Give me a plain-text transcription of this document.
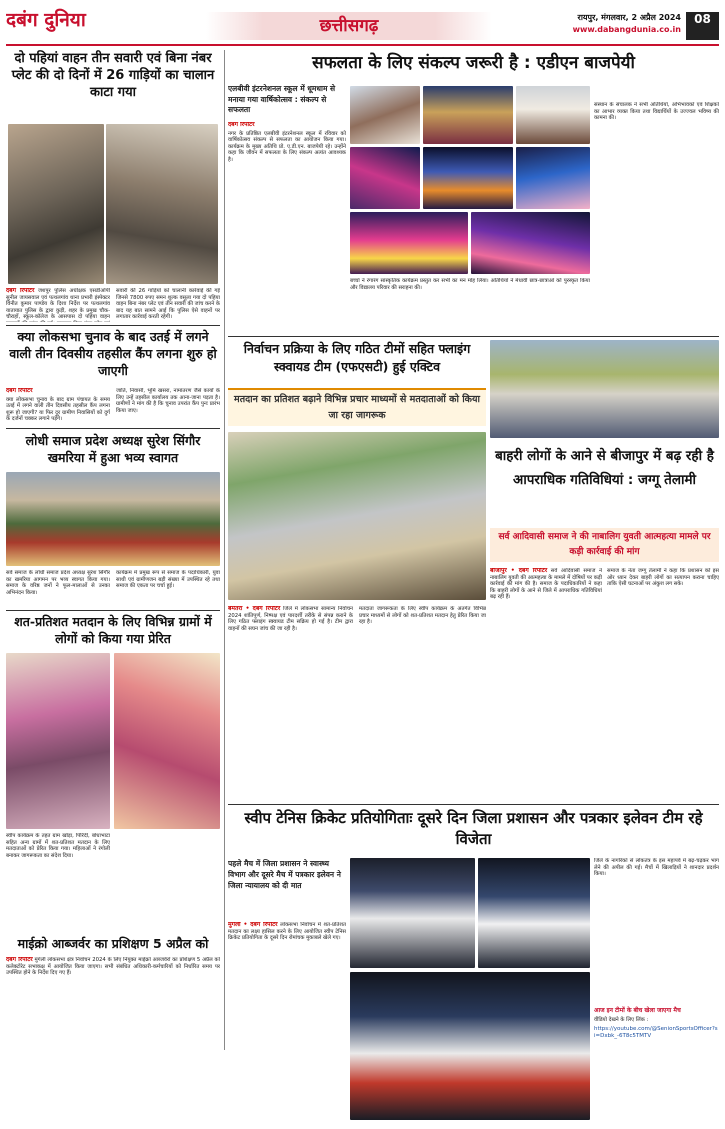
दबंग दुनिया	छत्तीसगढ़	रायपुर, मंगलवार, 2 अप्रैल 2024
www.dabangdunia.co.in
08
दो पहियां वाहन तीन सवारी एवं बिना नंबर प्लेट की दो दिनों में 26 गाड़ियों का चालान काटा गया
दबंग रिपोर्टर जशपुर पुलिस अधीक्षक एसडीओपी सुनील जायसवाल एवं पत्थलगांव थाना प्रभारी इंस्पेक्टर विनीत कुमार पाण्डेय के दिशा निर्देश पर पत्थलगांव यातायात पुलिस के द्वारा कुड़ी, शहर के प्रमुख चौक-चौराहों, स्कूल-कॉलेज के आसपास दो पहिया वाहन
सवारी की 26 गाड़ियों को चालानी कार्रवाई की गई जिनसे 7800 रुपए समन शुल्क वसूला गया दो पहिया वाहन बिना नंबर प्लेट एवं तीन सवारी की जांच करने के बाद यह बात सामने आई कि पुलिस ऐसे वाहनों पर लगातार कार्रवाई करती रहेगी।
क्या लोकसभा चुनाव के बाद उतई में लगने वाली तीन दिवसीय तहसील कैंप लगना शुरु हो जाएगी
दबंग रिपोर्टर
क्या लोकसभा चुनाव के बाद ग्राम पंचायत के समय उतई में लगने वाली तीन दिवसीय तहसील कैंप लगना शुरू हो जाएगी? या फिर दूर ग्रामीण निवासियों को दुर्ग के दर्जनों चक्कर लगाने पड़ेंगे।
जाति, निवासी, भूमि खसरा, नामांतरण जैसे कार्यों के लिए उन्हें तहसील कार्यालय तक आना-जाना पड़ता है। ग्रामीणों ने मांग की है कि चुनाव उपरांत कैंप पुनः प्रारंभ किया जाए।
लोधी समाज प्रदेश अध्यक्ष सुरेश सिंगौर खमरिया में हुआ भव्य स्वागत
सर्व समाज के लोधी समाज प्रदेश अध्यक्ष सुरेश सिंगौर का खमरिया आगमन पर भव्य स्वागत किया गया। समाज के वरिष्ठ जनों ने फूल-मालाओं से उनका अभिनंदन किया।
कार्यक्रम में प्रमुख रूप से समाज के पदाधिकारी, युवा साथी एवं ग्रामीणजन बड़ी संख्या में उपस्थित रहे तथा समाज की एकता पर चर्चा हुई।
शत-प्रतिशत मतदान के लिए विभिन्न ग्रामों में लोगों को किया गया प्रेरित
स्वीप कार्यक्रम के तहत ग्राम खोड़ा, पिरिंदी, बोधाभाटा सहित अन्य ग्रामों में शत-प्रतिशत मतदान के लिए मतदाताओं को प्रेरित किया गया। महिलाओं ने रंगोली बनाकर जागरूकता का संदेश दिया।
माईक्रो आब्जर्वर का प्रशिक्षण 5 अप्रैल को
दबंग रिपोर्टर मुंगेली लोकसभा क्षेत्र निर्वाचन 2024 के लिए नियुक्त माईक्रो आब्जर्वरों का प्रशिक्षण 5 अप्रैल को कलेक्टोरेट सभाकक्ष में आयोजित किया जाएगा। सभी संबंधित अधिकारी-कर्मचारियों को निर्धारित समय पर उपस्थित होने के निर्देश दिए गए हैं।
सफलता के लिए संकल्प जरूरी है : एडीएन बाजपेयी
एलबीवी इंटरनेशनल स्कूल में धूमधाम से मनाया गया वार्षिकोत्सव : संकल्प से सफलता
दबंग रिपोर्टर
नगर के प्रतिष्ठित एलबीवी इंटरनेशनल स्कूल में रविवार को वार्षिकोत्सव संकल्प से सफलता का आयोजन किया गया। कार्यक्रम के मुख्य अतिथि प्रो. ए.डी.एन. बाजपेयी रहे। उन्होंने कहा कि जीवन में सफलता के लिए संकल्प अत्यंत आवश्यक है।
बच्चों ने रंगारंग सांस्कृतिक कार्यक्रम प्रस्तुत कर सभी का मन मोह लिया। अतिथियों ने मेधावी छात्र-छात्राओं को पुरस्कृत किया और विद्यालय परिवार की सराहना की।
संस्थान के संचालक ने सभी अतिथियों, अभिभावकों एवं शिक्षकों का आभार व्यक्त किया तथा विद्यार्थियों के उज्ज्वल भविष्य की कामना की।
निर्वाचन प्रक्रिया के लिए गठित टीमों सहित फ्लाइंग स्क्वायड टीम (एफएसटी) हुई एक्टिव
मतदान का प्रतिशत बढ़ाने विभिन्न प्रचार माध्यमों से मतदाताओं को किया जा रहा जागरूक
बेमेतरा • दबंग रिपोर्टर जिले में लोकसभा सामान्य निर्वाचन 2024 शांतिपूर्ण, निष्पक्ष एवं पारदर्शी तरीके से संपन्न कराने के लिए गठित फ्लाइंग स्क्वायड टीम सक्रिय हो गई है। टीम द्वारा वाहनों की सघन जांच की जा रही है।
मतदाता जागरूकता के लिए स्वीप कार्यक्रम के अंतर्गत विभिन्न प्रचार माध्यमों से लोगों को शत-प्रतिशत मतदान हेतु प्रेरित किया जा रहा है।
बाहरी लोगों के आने से बीजापुर में बढ़ रही है आपराधिक गतिविधियां : जग्गू तेलामी
सर्व आदिवासी समाज ने की नाबालिग युवती आत्महत्या मामले पर कड़ी कार्रवाई की मांग
बीजापुर • दबंग रिपोर्टर सर्व आदिवासी समाज ने नाबालिग युवती की आत्महत्या के मामले में दोषियों पर कड़ी कार्रवाई की मांग की है। समाज के पदाधिकारियों ने कहा कि बाहरी लोगों के आने से जिले में आपराधिक गतिविधियां बढ़ रही हैं।
समाज के नेता जग्गू तेलामी ने कहा कि प्रशासन को इस ओर ध्यान देकर बाहरी लोगों का सत्यापन कराना चाहिए ताकि ऐसी घटनाओं पर अंकुश लग सके।
स्वीप टेनिस क्रिकेट प्रतियोगिताः दूसरे दिन जिला प्रशासन और पत्रकार इलेवन टीम रहे विजेता
पहले मैच में जिला प्रशासन ने स्वास्थ्य विभाग और दूसरे मैच में पत्रकार इलेवन ने जिला न्यायालय को दी मात
मुंगेली • दबंग रिपोर्टर लोकसभा निर्वाचन में शत-प्रतिशत मतदान का लक्ष्य हासिल करने के लिए आयोजित स्वीप टेनिस क्रिकेट प्रतियोगिता के दूसरे दिन रोमांचक मुकाबले खेले गए।
जिले के नागरिकों से लोकतंत्र के इस महापर्व में बढ़-चढ़कर भाग लेने की अपील की गई। मैचों में खिलाड़ियों ने शानदार प्रदर्शन किया।
आज इन टीमों के बीच खेला जाएगा मैच
वीडियो देखने के लिए लिंक :
https://youtube.com/@SenionSportsOfficer?si=Dxbk_-6T8c5TMTV
